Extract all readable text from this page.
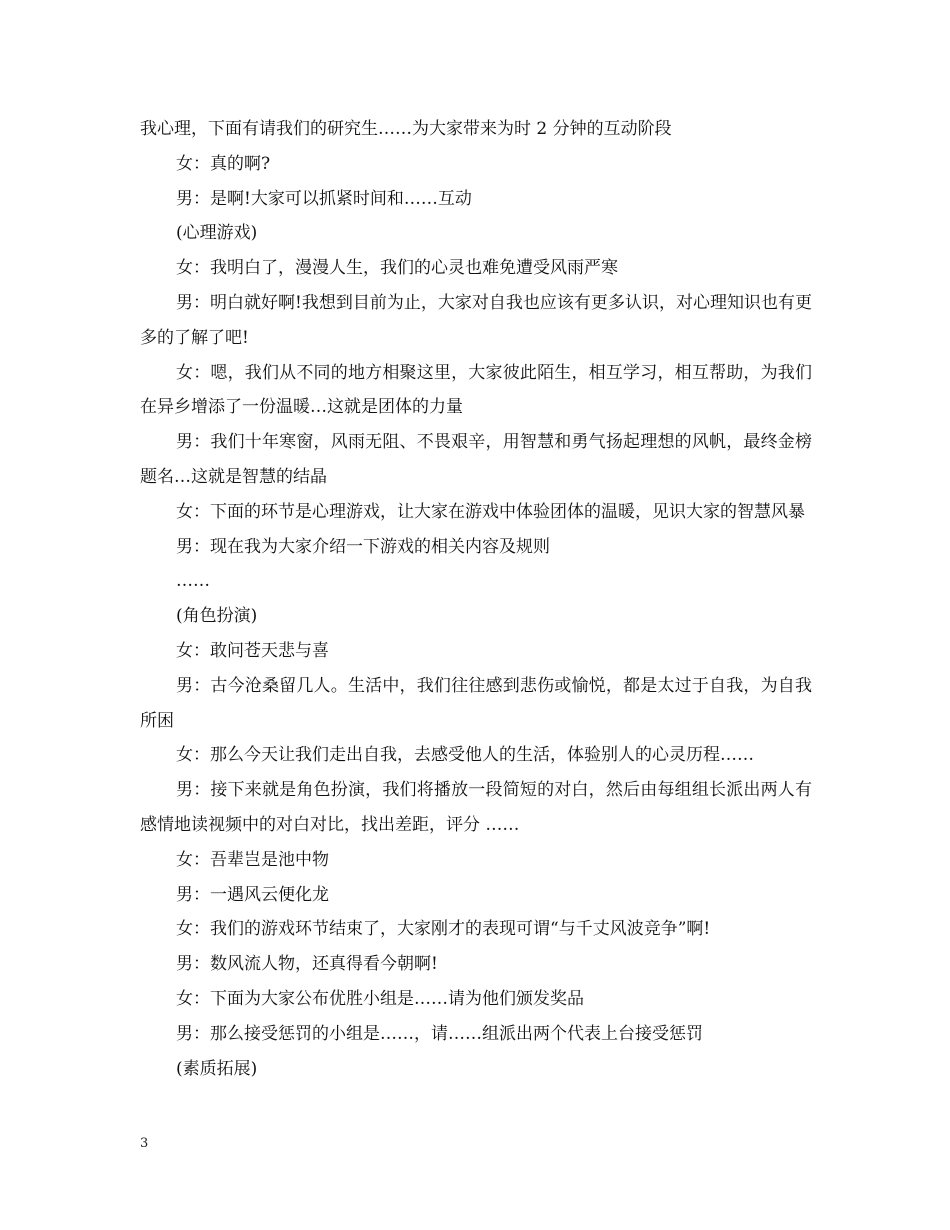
我心理，下面有请我们的研究生……为大家带来为时 2 分钟的互动阶段

女：真的啊?

男：是啊!大家可以抓紧时间和……互动

(心理游戏)

女：我明白了，漫漫人生，我们的心灵也难免遭受风雨严寒

男：明白就好啊!我想到目前为止，大家对自我也应该有更多认识，对心理知识也有更多的了解了吧!

女：嗯，我们从不同的地方相聚这里，大家彼此陌生，相互学习，相互帮助，为我们在异乡增添了一份温暖…这就是团体的力量

男：我们十年寒窗，风雨无阻、不畏艰辛，用智慧和勇气扬起理想的风帆，最终金榜题名…这就是智慧的结晶

女：下面的环节是心理游戏，让大家在游戏中体验团体的温暖，见识大家的智慧风暴

男：现在我为大家介绍一下游戏的相关内容及规则

……

(角色扮演)

女：敢问苍天悲与喜

男：古今沧桑留几人。生活中，我们往往感到悲伤或愉悦，都是太过于自我，为自我所困

女：那么今天让我们走出自我，去感受他人的生活，体验别人的心灵历程……

男：接下来就是角色扮演，我们将播放一段简短的对白，然后由每组组长派出两人有感情地读视频中的对白对比，找出差距，评分 ……

女：吾辈岂是池中物

男：一遇风云便化龙

女：我们的游戏环节结束了，大家刚才的表现可谓“与千丈风波竞争”啊!

男：数风流人物，还真得看今朝啊!

女：下面为大家公布优胜小组是……请为他们颁发奖品

男：那么接受惩罚的小组是……，请……组派出两个代表上台接受惩罚

(素质拓展)

3
